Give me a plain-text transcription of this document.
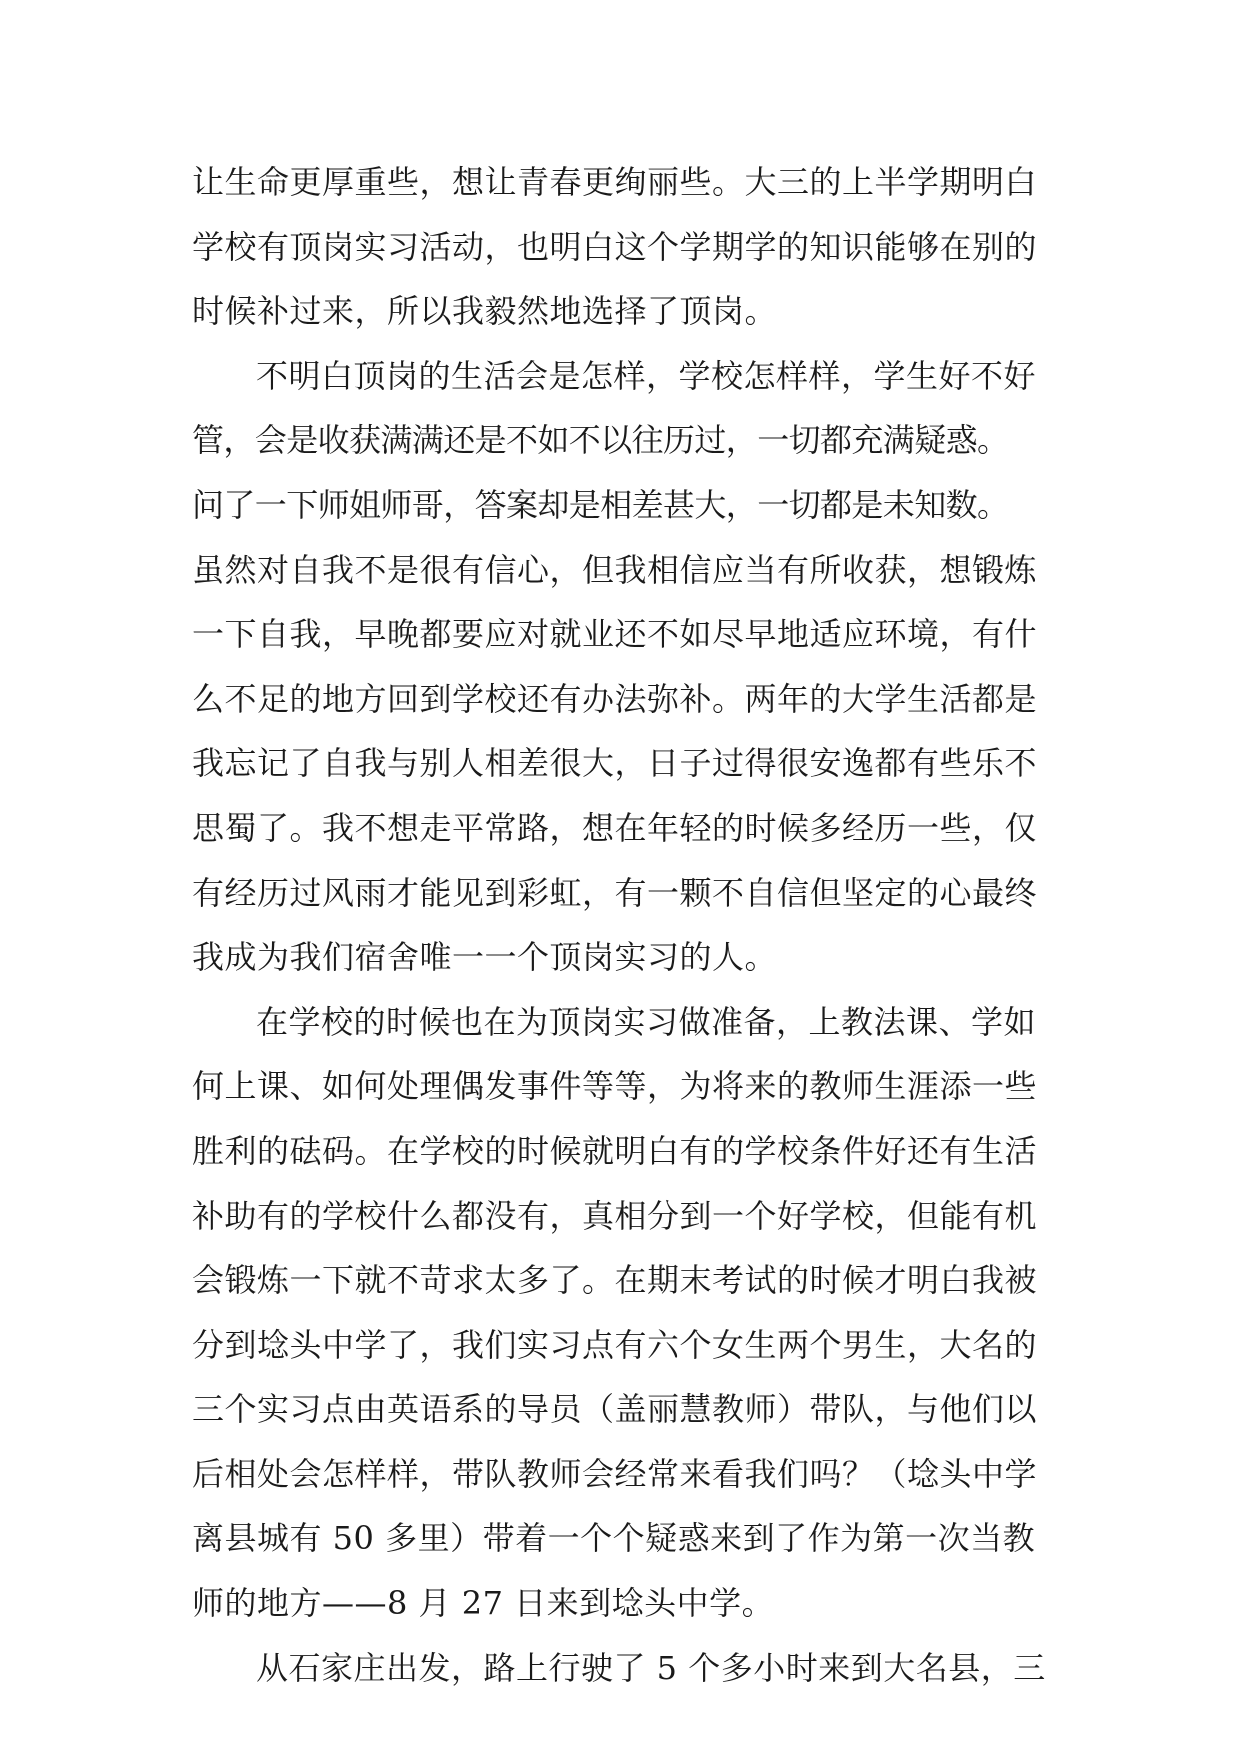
让生命更厚重些，想让青春更绚丽些。大三的上半学期明白
学校有顶岗实习活动，也明白这个学期学的知识能够在别的
时候补过来，所以我毅然地选择了顶岗。
不明白顶岗的生活会是怎样，学校怎样样，学生好不好
管，会是收获满满还是不如不以往历过，一切都充满疑惑。
问了一下师姐师哥，答案却是相差甚大，一切都是未知数。
虽然对自我不是很有信心，但我相信应当有所收获，想锻炼
一下自我，早晚都要应对就业还不如尽早地适应环境，有什
么不足的地方回到学校还有办法弥补。两年的大学生活都是
我忘记了自我与别人相差很大，日子过得很安逸都有些乐不
思蜀了。我不想走平常路，想在年轻的时候多经历一些，仅
有经历过风雨才能见到彩虹，有一颗不自信但坚定的心最终
我成为我们宿舍唯一一个顶岗实习的人。
在学校的时候也在为顶岗实习做准备，上教法课、学如
何上课、如何处理偶发事件等等，为将来的教师生涯添一些
胜利的砝码。在学校的时候就明白有的学校条件好还有生活
补助有的学校什么都没有，真相分到一个好学校，但能有机
会锻炼一下就不苛求太多了。在期末考试的时候才明白我被
分到埝头中学了，我们实习点有六个女生两个男生，大名的
三个实习点由英语系的导员（盖丽慧教师）带队，与他们以
后相处会怎样样，带队教师会经常来看我们吗？（埝头中学
离县城有 50 多里）带着一个个疑惑来到了作为第一次当教
师的地方——8 月 27 日来到埝头中学。
从石家庄出发，路上行驶了 5 个多小时来到大名县，三
